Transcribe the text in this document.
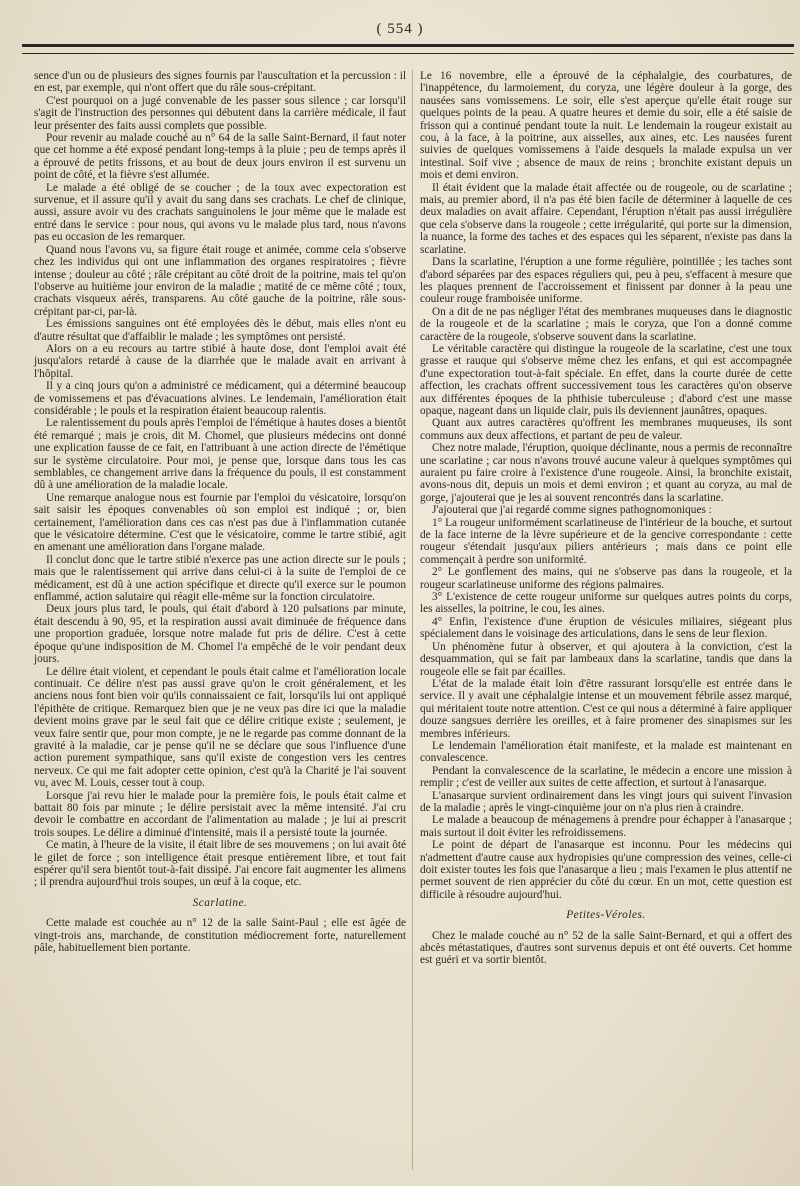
( 554 )

sence d'un ou de plusieurs des signes fournis par l'auscultation et la percussion : il en est, par exemple, qui n'ont offert que du râle sous-crépitant.

C'est pourquoi on a jugé convenable de les passer sous silence ; car lorsqu'il s'agit de l'instruction des personnes qui débutent dans la carrière médicale, il faut leur présenter des faits aussi complets que possible.

Pour revenir au malade couché au n° 64 de la salle Saint-Bernard, il faut noter que cet homme a été exposé pendant long-temps à la pluie ; peu de temps après il a éprouvé de petits frissons, et au bout de deux jours environ il est survenu un point de côté, et la fièvre s'est allumée.

Le malade a été obligé de se coucher ; de la toux avec expectoration est survenue, et il assure qu'il y avait du sang dans ses crachats. Le chef de clinique, aussi, assure avoir vu des crachats sanguinolens le jour même que le malade est entré dans le service : pour nous, qui avons vu le malade plus tard, nous n'avons pas eu occasion de les remarquer.

Quand nous l'avons vu, sa figure était rouge et animée, comme cela s'observe chez les individus qui ont une inflammation des organes respiratoires ; fièvre intense ; douleur au côté ; râle crépitant au côté droit de la poitrine, mais tel qu'on l'observe au huitième jour environ de la maladie ; matité de ce même côté ; toux, crachats visqueux aérés, transparens. Au côté gauche de la poitrine, râle sous-crépitant par-ci, par-là.

Les émissions sanguines ont été employées dès le début, mais elles n'ont eu d'autre résultat que d'affaiblir le malade ; les symptômes ont persisté.

Alors on a eu recours au tartre stibié à haute dose, dont l'emploi avait été jusqu'alors retardé à cause de la diarrhée que le malade avait en arrivant à l'hôpital.

Il y a cinq jours qu'on a administré ce médicament, qui a déterminé beaucoup de vomissemens et pas d'évacuations alvines. Le lendemain, l'amélioration était considérable ; le pouls et la respiration étaient beaucoup ralentis.

Le ralentissement du pouls après l'emploi de l'émétique à hautes doses a bientôt été remarqué ; mais je crois, dit M. Chomel, que plusieurs médecins ont donné une explication fausse de ce fait, en l'attribuant à une action directe de l'émétique sur le système circulatoire. Pour moi, je pense que, lorsque dans tous les cas semblables, ce changement arrive dans la fréquence du pouls, il est constamment dû à une amélioration de la maladie locale.

Une remarque analogue nous est fournie par l'emploi du vésicatoire, lorsqu'on sait saisir les époques convenables où son emploi est indiqué ; or, bien certainement, l'amélioration dans ces cas n'est pas due à l'inflammation cutanée que le vésicatoire détermine. C'est que le vésicatoire, comme le tartre stibié, agit en amenant une amélioration dans l'organe malade.

Il conclut donc que le tartre stibié n'exerce pas une action directe sur le pouls ; mais que le ralentissement qui arrive dans celui-ci à la suite de l'emploi de ce médicament, est dû à une action spécifique et directe qu'il exerce sur le poumon enflammé, action salutaire qui réagit elle-même sur la fonction circulatoire.

Deux jours plus tard, le pouls, qui était d'abord à 120 pulsations par minute, était descendu à 90, 95, et la respiration aussi avait diminuée de fréquence dans une proportion graduée, lorsque notre malade fut pris de délire. C'est à cette époque qu'une indisposition de M. Chomel l'a empêché de le voir pendant deux jours.

Le délire était violent, et cependant le pouls était calme et l'amélioration locale continuait. Ce délire n'est pas aussi grave qu'on le croit généralement, et les anciens nous font bien voir qu'ils connaissaient ce fait, lorsqu'ils lui ont appliqué l'épithète de critique. Remarquez bien que je ne veux pas dire ici que la maladie devient moins grave par le seul fait que ce délire critique existe ; seulement, je veux faire sentir que, pour mon compte, je ne le regarde pas comme donnant de la gravité à la maladie, car je pense qu'il ne se déclare que sous l'influence d'une action purement sympathique, sans qu'il existe de congestion vers les centres nerveux. Ce qui me fait adopter cette opinion, c'est qu'à la Charité je l'ai souvent vu, avec M. Louis, cesser tout à coup.

Lorsque j'ai revu hier le malade pour la première fois, le pouls était calme et battait 80 fois par minute ; le délire persistait avec la même intensité. J'ai cru devoir le combattre en accordant de l'alimentation au malade ; je lui ai prescrit trois soupes. Le délire a diminué d'intensité, mais il a persisté toute la journée.

Ce matin, à l'heure de la visite, il était libre de ses mouvemens ; on lui avait ôté le gilet de force ; son intelligence était presque entièrement libre, et tout fait espérer qu'il sera bientôt tout-à-fait dissipé. J'ai encore fait augmenter les alimens ; il prendra aujourd'hui trois soupes, un œuf à la coque, etc.

Scarlatine.

Cette malade est couchée au n° 12 de la salle Saint-Paul ; elle est âgée de vingt-trois ans, marchande, de constitution médiocrement forte, naturellement pâle, habituellement bien portante.

Le 16 novembre, elle a éprouvé de la céphalalgie, des courbatures, de l'inappétence, du larmoiement, du coryza, une légère douleur à la gorge, des nausées sans vomissemens. Le soir, elle s'est aperçue qu'elle était rouge sur quelques points de la peau. A quatre heures et demie du soir, elle a été saisie de frisson qui a continué pendant toute la nuit. Le lendemain la rougeur existait au cou, à la face, à la poitrine, aux aisselles, aux aines, etc. Les nausées furent suivies de quelques vomissemens à l'aide desquels la malade expulsa un ver intestinal. Soif vive ; absence de maux de reins ; bronchite existant depuis un mois et demi environ.

Il était évident que la malade était affectée ou de rougeole, ou de scarlatine ; mais, au premier abord, il n'a pas été bien facile de déterminer à laquelle de ces deux maladies on avait affaire. Cependant, l'éruption n'était pas aussi irrégulière que cela s'observe dans la rougeole ; cette irrégularité, qui porte sur la dimension, la nuance, la forme des taches et des espaces qui les séparent, n'existe pas dans la scarlatine.

Dans la scarlatine, l'éruption a une forme régulière, pointillée ; les taches sont d'abord séparées par des espaces réguliers qui, peu à peu, s'effacent à mesure que les plaques prennent de l'accroissement et finissent par donner à la peau une couleur rouge framboisée uniforme.

On a dit de ne pas négliger l'état des membranes muqueuses dans le diagnostic de la rougeole et de la scarlatine ; mais le coryza, que l'on a donné comme caractère de la rougeole, s'observe souvent dans la scarlatine.

Le véritable caractère qui distingue la rougeole de la scarlatine, c'est une toux grasse et rauque qui s'observe même chez les enfans, et qui est accompagnée d'une expectoration tout-à-fait spéciale. En effet, dans la courte durée de cette affection, les crachats offrent successivement tous les caractères qu'on observe aux différentes époques de la phthisie tuberculeuse ; d'abord c'est une masse opaque, nageant dans un liquide clair, puis ils deviennent jaunâtres, opaques.

Quant aux autres caractères qu'offrent les membranes muqueuses, ils sont communs aux deux affections, et partant de peu de valeur.

Chez notre malade, l'éruption, quoique déclinante, nous a permis de reconnaître une scarlatine ; car nous n'avons trouvé aucune valeur à quelques symptômes qui auraient pu faire croire à l'existence d'une rougeole. Ainsi, la bronchite existait, avons-nous dit, depuis un mois et demi environ ; et quant au coryza, au mal de gorge, j'ajouterai que je les ai souvent rencontrés dans la scarlatine.

J'ajouterai que j'ai regardé comme signes pathognomoniques :

1° La rougeur uniformément scarlatineuse de l'intérieur de la bouche, et surtout de la face interne de la lèvre supérieure et de la gencive correspondante : cette rougeur s'étendait jusqu'aux piliers antérieurs ; mais dans ce point elle commençait à perdre son uniformité.

2° Le gonflement des mains, qui ne s'observe pas dans la rougeole, et la rougeur scarlatineuse uniforme des régions palmaires.

3° L'existence de cette rougeur uniforme sur quelques autres points du corps, les aisselles, la poitrine, le cou, les aines.

4° Enfin, l'existence d'une éruption de vésicules miliaires, siégeant plus spécialement dans le voisinage des articulations, dans le sens de leur flexion.

Un phénomène futur à observer, et qui ajoutera à la conviction, c'est la desquammation, qui se fait par lambeaux dans la scarlatine, tandis que dans la rougeole elle se fait par écailles.

L'état de la malade était loin d'être rassurant lorsqu'elle est entrée dans le service. Il y avait une céphalalgie intense et un mouvement fébrile assez marqué, qui méritaient toute notre attention. C'est ce qui nous a déterminé à faire appliquer douze sangsues derrière les oreilles, et à faire promener des sinapismes sur les membres inférieurs.

Le lendemain l'amélioration était manifeste, et la malade est maintenant en convalescence.

Pendant la convalescence de la scarlatine, le médecin a encore une mission à remplir ; c'est de veiller aux suites de cette affection, et surtout à l'anasarque.

L'anasarque survient ordinairement dans les vingt jours qui suivent l'invasion de la maladie ; après le vingt-cinquième jour on n'a plus rien à craindre.

Le malade a beaucoup de ménagemens à prendre pour échapper à l'anasarque ; mais surtout il doit éviter les refroidissemens.

Le point de départ de l'anasarque est inconnu. Pour les médecins qui n'admettent d'autre cause aux hydropisies qu'une compression des veines, celle-ci doit exister toutes les fois que l'anasarque a lieu ; mais l'examen le plus attentif ne permet souvent de rien apprécier du côté du cœur. En un mot, cette question est difficile à résoudre aujourd'hui.

Petites-Véroles.

Chez le malade couché au n° 52 de la salle Saint-Bernard, et qui a offert des abcès métastatiques, d'autres sont survenus depuis et ont été ouverts. Cet homme est guéri et va sortir bientôt.
